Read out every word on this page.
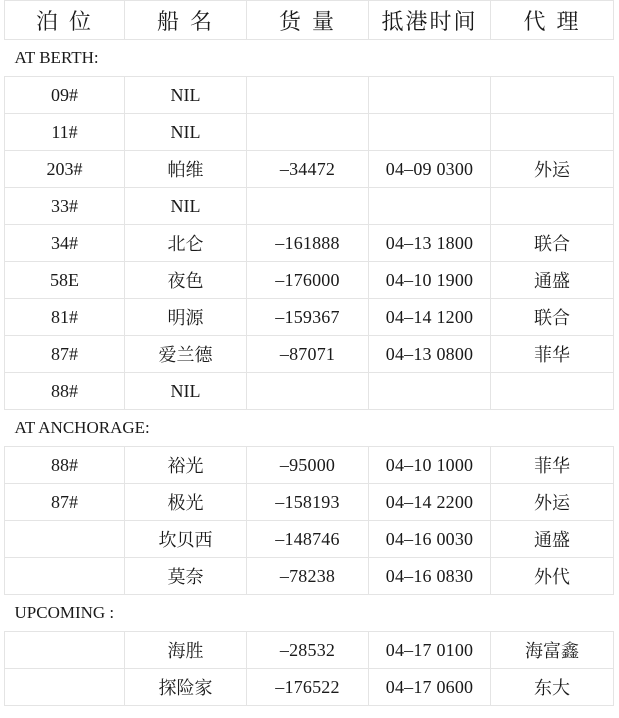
泊 位	船 名	货 量	抵港时间	代 理
AT BERTH:				
09#	NIL			
11#	NIL			
203#	帕维	–34472	04–09 0300	外运
33#	NIL			
34#	北仑	–161888	04–13 1800	联合
58E	夜色	–176000	04–10 1900	通盛
81#	明源	–159367	04–14 1200	联合
87#	爱兰德	–87071	04–13 0800	菲华
88#	NIL			
AT ANCHORAGE:				
88#	裕光	–95000	04–10 1000	菲华
87#	极光	–158193	04–14 2200	外运
	坎贝西	–148746	04–16 0030	通盛
	莫奈	–78238	04–16 0830	外代
UPCOMING :				
	海胜	–28532	04–17 0100	海富鑫
	探险家	–176522	04–17 0600	东大
